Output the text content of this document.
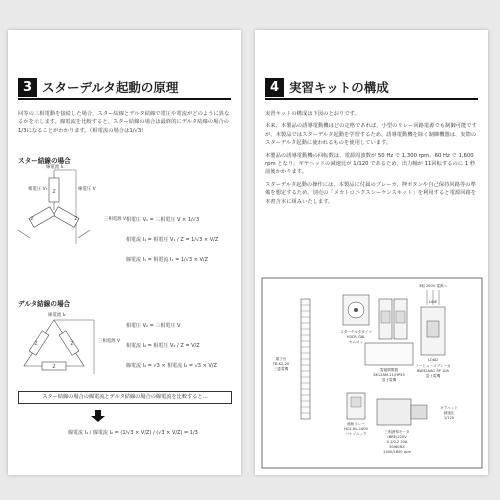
3 スターデルタ起動の原理
回等の三相電動を接続した場合、スター結線とデルタ結線で電圧や電流がどのように異なるかを示します。線電流を比較すると、スター結線の場合は最終的にデルタ結線の場合の1/3になることがわかります。（相電流の場合は1/√3）
スター結線の場合
Z
Z	Z
線電流 I₁
相電圧 V₁	線電圧 V
三相電源 V 相電圧 V₁ = 三相電圧 V × 1/√3
相電流 I₁ = 相電圧 V₁ / Z = 1/√3 × V/Z
線電流 I₁ = 相電流 I₁ = 1/√3 × V/Z
デルタ結線の場合
Z	Z
Z
線電流 I₂
三相電源 V
相電圧 V₂ = 三相電圧 V
相電流 I₂ = 相電圧 V₂ / Z = V/Z
線電流 I₂ = √3 × 相電流 I₂ = √3 × V/Z
スター結線の場合の線電流とデルタ結線の場合の線電流を比較すると…
線電流 I₁ / 線電流 I₂ = (1/√3 × V/Z) / (√3 × V/Z) = 1/3
4 実習キットの構成

実習キットの構成は下図のとおりです。

本来、本製品の誘導電動機はどの定格であれば、小型のリレー回路電源でも制御可能ですが、本製品ではスターデルタ起動を学習するため、誘導電動機を除く制御機器は、実際のスターデルタ起動に使われるものを使用しています。

本製品の誘導電動機の回転数は、電源周波数が 50 Hz で 1,300 rpm、60 Hz で 1,600 rpm となり、ギヤヘッドの減速比が 1/120 であるため、出力軸が 11回転するのに 1 秒前後かかります。

スターデルタ起動の操作には、本製品に付属のブレーカ、押ボタンや自己保持回路等の準備を想定するため、別売の「メカトロニクスシーケンスキット」を利用すると電源回路を本書含本に組みいたします。

3相 200V 電源へ
LINE
LOAD
ノーヒューズブレーカ
BW32AAG 3P 10A
富士電機
端子台
TB-K2-20
三菱電機
スターデルタタイマ
H3CR-G8L
オムロン
電磁開閉器
SK12AM-21(HP55
富士電機
補助リレー
HC4-HL-100V
パナソニック	三相誘導モータ
(BRE)220V
0.1/0.2 20A
50/60HZ
1300/1600 rpm
ギアヘッド
減速比
1/120
